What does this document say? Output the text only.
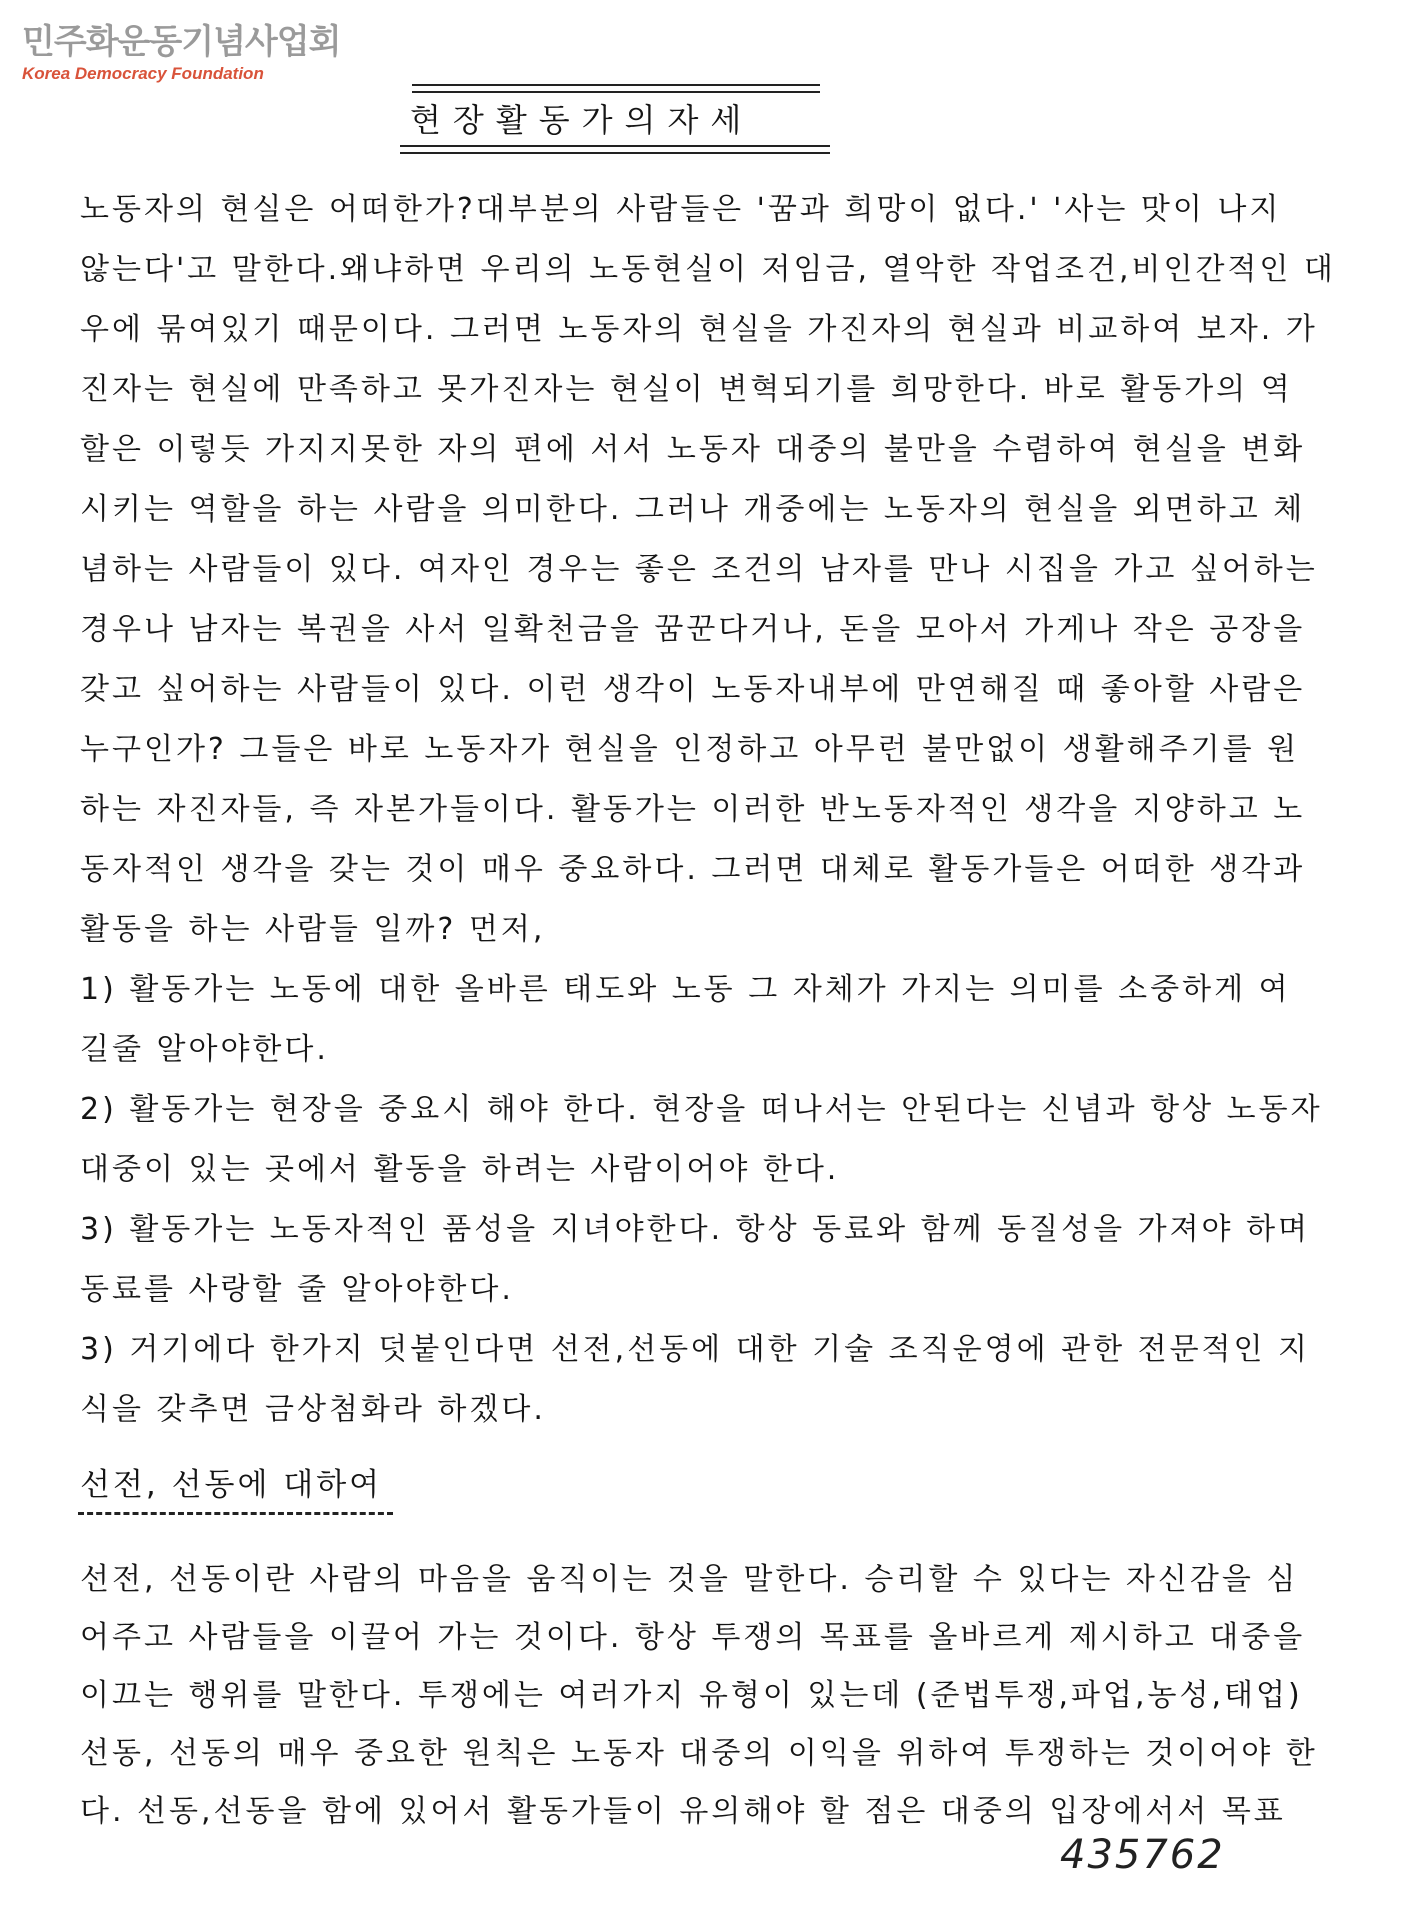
민주화운동기념사업회
Korea Democracy Foundation
현장활동가의자세
노동자의 현실은 어떠한가?대부분의 사람들은 '꿈과 희망이 없다.' '사는 맛이 나지
않는다'고 말한다.왜냐하면 우리의 노동현실이 저임금, 열악한 작업조건,비인간적인 대
우에 묶여있기 때문이다. 그러면 노동자의 현실을 가진자의 현실과 비교하여 보자. 가
진자는 현실에 만족하고 못가진자는 현실이 변혁되기를 희망한다. 바로 활동가의 역
할은 이렇듯 가지지못한 자의 편에 서서 노동자 대중의 불만을 수렴하여 현실을 변화
시키는 역할을 하는 사람을 의미한다. 그러나 개중에는 노동자의 현실을 외면하고 체
념하는 사람들이 있다. 여자인 경우는 좋은 조건의 남자를 만나 시집을 가고 싶어하는
경우나 남자는 복권을 사서 일확천금을 꿈꾼다거나, 돈을 모아서 가게나 작은 공장을
갖고 싶어하는 사람들이 있다. 이런 생각이 노동자내부에 만연해질 때 좋아할 사람은
누구인가? 그들은 바로 노동자가 현실을 인정하고 아무런 불만없이 생활해주기를 원
하는 자진자들, 즉 자본가들이다. 활동가는 이러한 반노동자적인 생각을 지양하고 노
동자적인 생각을 갖는 것이 매우 중요하다. 그러면 대체로 활동가들은 어떠한 생각과
활동을 하는 사람들 일까? 먼저,
1) 활동가는 노동에 대한 올바른 태도와 노동 그 자체가 가지는 의미를 소중하게 여
길줄 알아야한다.
2) 활동가는 현장을 중요시 해야 한다. 현장을 떠나서는 안된다는 신념과 항상 노동자
대중이 있는 곳에서 활동을 하려는 사람이어야 한다.
3) 활동가는 노동자적인 품성을 지녀야한다. 항상 동료와 함께 동질성을 가져야 하며
동료를 사랑할 줄 알아야한다.
3) 거기에다 한가지 덧붙인다면 선전,선동에 대한 기술 조직운영에 관한 전문적인 지
식을 갖추면 금상첨화라 하겠다.
선전, 선동에 대하여
선전, 선동이란 사람의 마음을 움직이는 것을 말한다. 승리할 수 있다는 자신감을 심
어주고 사람들을 이끌어 가는 것이다. 항상 투쟁의 목표를 올바르게 제시하고 대중을
이끄는 행위를 말한다. 투쟁에는 여러가지 유형이 있는데 (준법투쟁,파업,농성,태업)
선동, 선동의 매우 중요한 원칙은 노동자 대중의 이익을 위하여 투쟁하는 것이어야 한
다. 선동,선동을 함에 있어서 활동가들이 유의해야 할 점은 대중의 입장에서서 목표
435762
